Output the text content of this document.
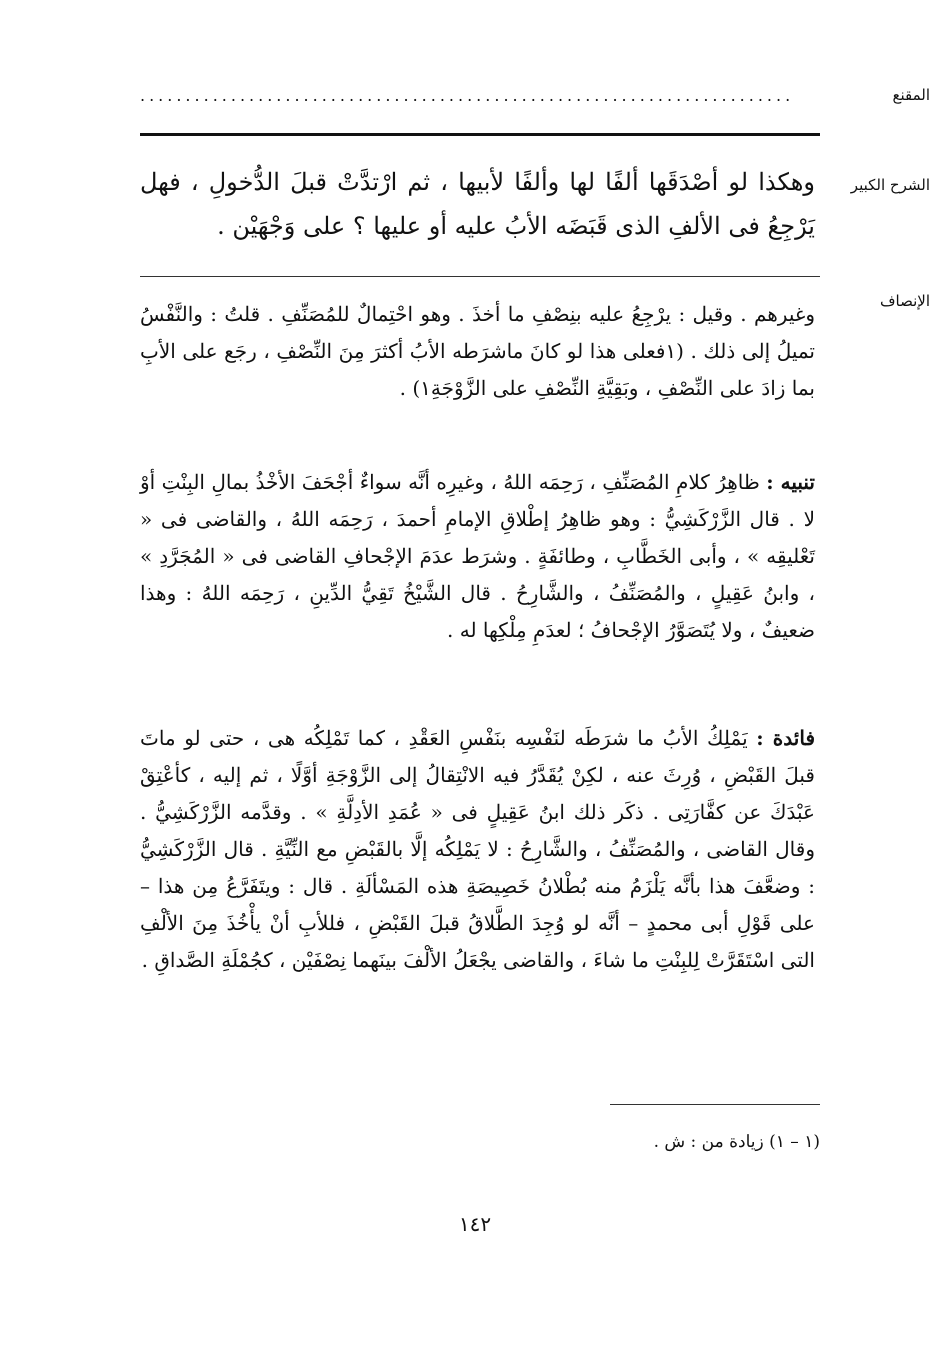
المقنع
........................................................................
الشرح الكبير

وهكذا لو أصْدَقَها ألفًا لها وألفًا لأبيها ، ثم ارْتدَّتْ قبلَ الدُّخولِ ، فهل يَرْجِعُ فى الألفِ الذى قَبَضَه الأبُ عليه أو عليها ؟ على وَجْهَيْن .

الإنصاف

وغيرهم . وقيل : يرْجِعُ عليه بنِصْفِ ما أخذَ . وهو احْتِمالٌ للمُصَنِّفِ . قلتُ : والنَّفْسُ تميلُ إلى ذلك . (١فعلى هذا لو كانَ ماشرَطه الأبُ أكثرَ مِنَ النِّصْفِ ، رجَع على الأبِ بما زادَ على النِّصْفِ ، وبَقِيَّةِ النِّصْفِ على الزَّوْجَةِ١) .

تنبيه : ظاهِرُ كلامِ المُصَنِّفِ ، رَحِمَه اللهُ ، وغيرِه أنَّه سواءٌ أجْحَفَ الأخْذُ بمالِ البِنْتِ أوْ لا . قال الزَّرْكَشِيُّ : وهو ظاهِرُ إطْلاقِ الإمامِ أحمدَ ، رَحِمَه اللهُ ، والقاضى فى « تَعْليقِه » ، وأبى الخَطَّابِ ، وطائفَةٍ . وشرَط عدَمَ الإجْحافِ القاضى فى « المُجَرَّدِ » ، وابنُ عَقِيلٍ ، والمُصَنِّفُ ، والشَّارِحُ . قال الشَّيْخُ تَقِيُّ الدِّينِ ، رَحِمَه اللهُ : وهذا ضعيفٌ ، ولا يُتَصَوَّرُ الإجْحافُ ؛ لعدَمِ مِلْكِها له .

فائدة : يَمْلِكُ الأبُ ما شرَطَه لنَفْسِه بنَفْسِ العَقْدِ ، كما تَمْلِكُه هى ، حتى لو ماتَ قبلَ القَبْضِ ، وُرِثَ عنه ، لكِنْ يُقَدَّرُ فيه الانْتِقالُ إلى الزَّوْجَةِ أوَّلًا ، ثم إليه ، كأعْتِقْ عَبْدَكَ عن كفَّارَتِى . ذكَر ذلك ابنُ عَقِيلٍ فى « عُمَدِ الأدِلَّةِ » . وقدَّمه الزَّرْكَشِيُّ . وقال القاضى ، والمُصَنِّفُ ، والشَّارِحُ : لا يَمْلِكُه إلَّا بالقَبْضِ مع النِّيَّةِ . قال الزَّرْكَشِيُّ : وضعَّفَ هذا بأنَّه يَلْزَمُ منه بُطْلانُ خَصِيصَةِ هذه المَسْألَةِ . قال : ويتَفَرَّعُ مِن هذا – على قَوْلِ أبى محمدٍ – أنَّه لو وُجِدَ الطَّلاقُ قبلَ القَبْضِ ، فللأبِ أنْ يأْخُذَ مِنَ الألْفِ التى اسْتَقَرَّتْ لِلبِنْتِ ما شاءَ ، والقاضى يجْعَلُ الألْفَ بينَهما نِصْفَيْن ، كجُمْلَةِ الصَّداقِ .

(١ – ١) زيادة من : ش .
١٤٢
